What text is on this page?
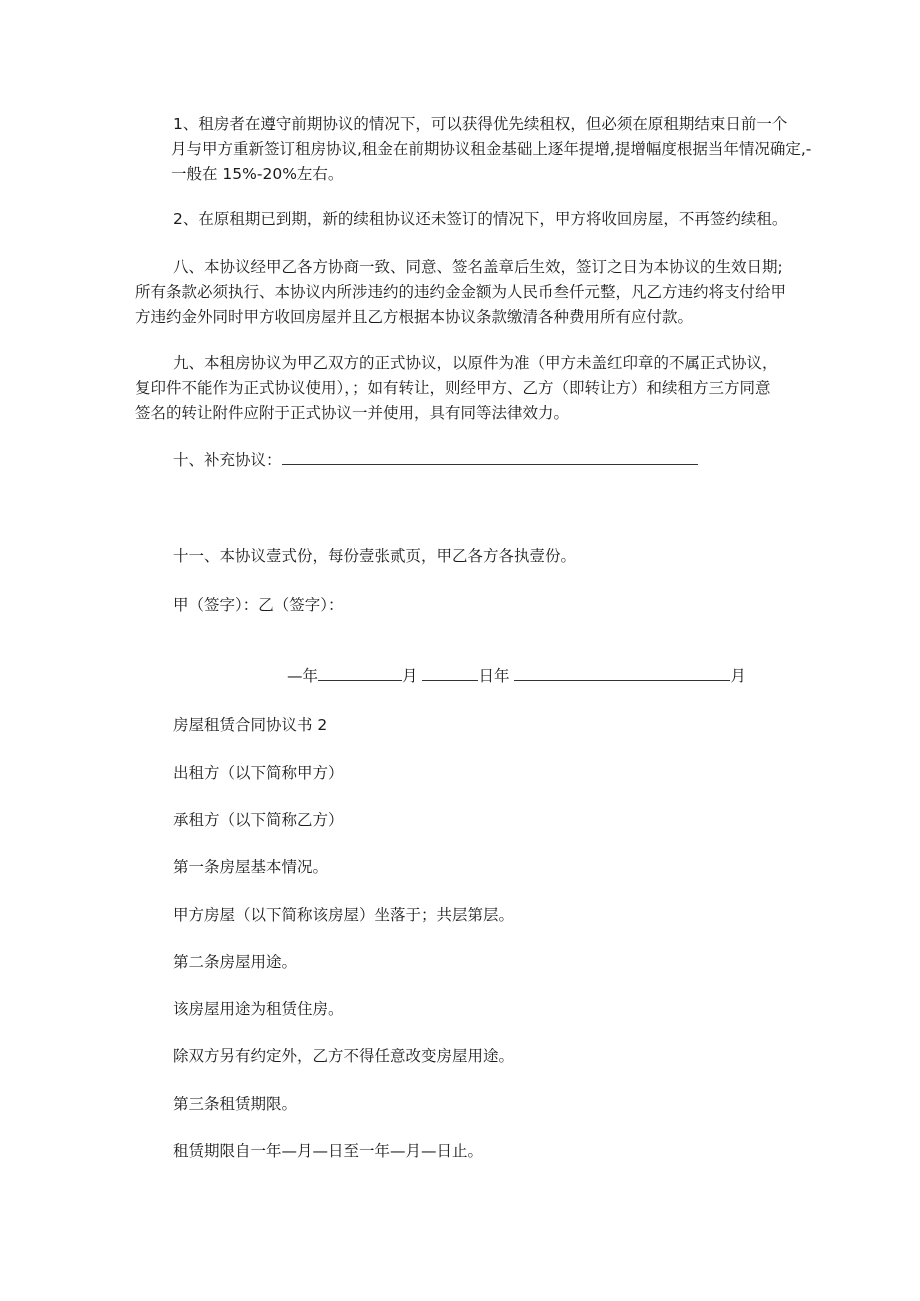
1、租房者在遵守前期协议的情况下，可以获得优先续租权，但必须在原租期结束日前一个
月与甲方重新签订租房协议,租金在前期协议租金基础上逐年提增,提增幅度根据当年情况确定,-
一般在 15%-20%左右。
2、在原租期已到期，新的续租协议还未签订的情况下，甲方将收回房屋，不再签约续租。
八、本协议经甲乙各方协商一致、同意、签名盖章后生效，签订之日为本协议的生效日期;
所有条款必须执行、本协议内所涉违约的违约金金额为人民币叁仟元整，凡乙方违约将支付给甲
方违约金外同时甲方收回房屋并且乙方根据本协议条款缴清各种费用所有应付款。
九、本租房协议为甲乙双方的正式协议，以原件为准（甲方未盖红印章的不属正式协议，
复印件不能作为正式协议使用），；如有转让，则经甲方、乙方（即转让方）和续租方三方同意
签名的转让附件应附于正式协议一并使用，具有同等法律效力。
十、补充协议：
十一、本协议壹式份，每份壹张贰页，甲乙各方各执壹份。
甲（签字）：乙（签字）：
—年	月	日年	月
房屋租赁合同协议书 2
出租方（以下简称甲方）
承租方（以下简称乙方）
第一条房屋基本情况。
甲方房屋（以下简称该房屋）坐落于；共层第层。
第二条房屋用途。
该房屋用途为租赁住房。
除双方另有约定外，乙方不得任意改变房屋用途。
第三条租赁期限。
租赁期限自一年—月—日至一年—月—日止。
